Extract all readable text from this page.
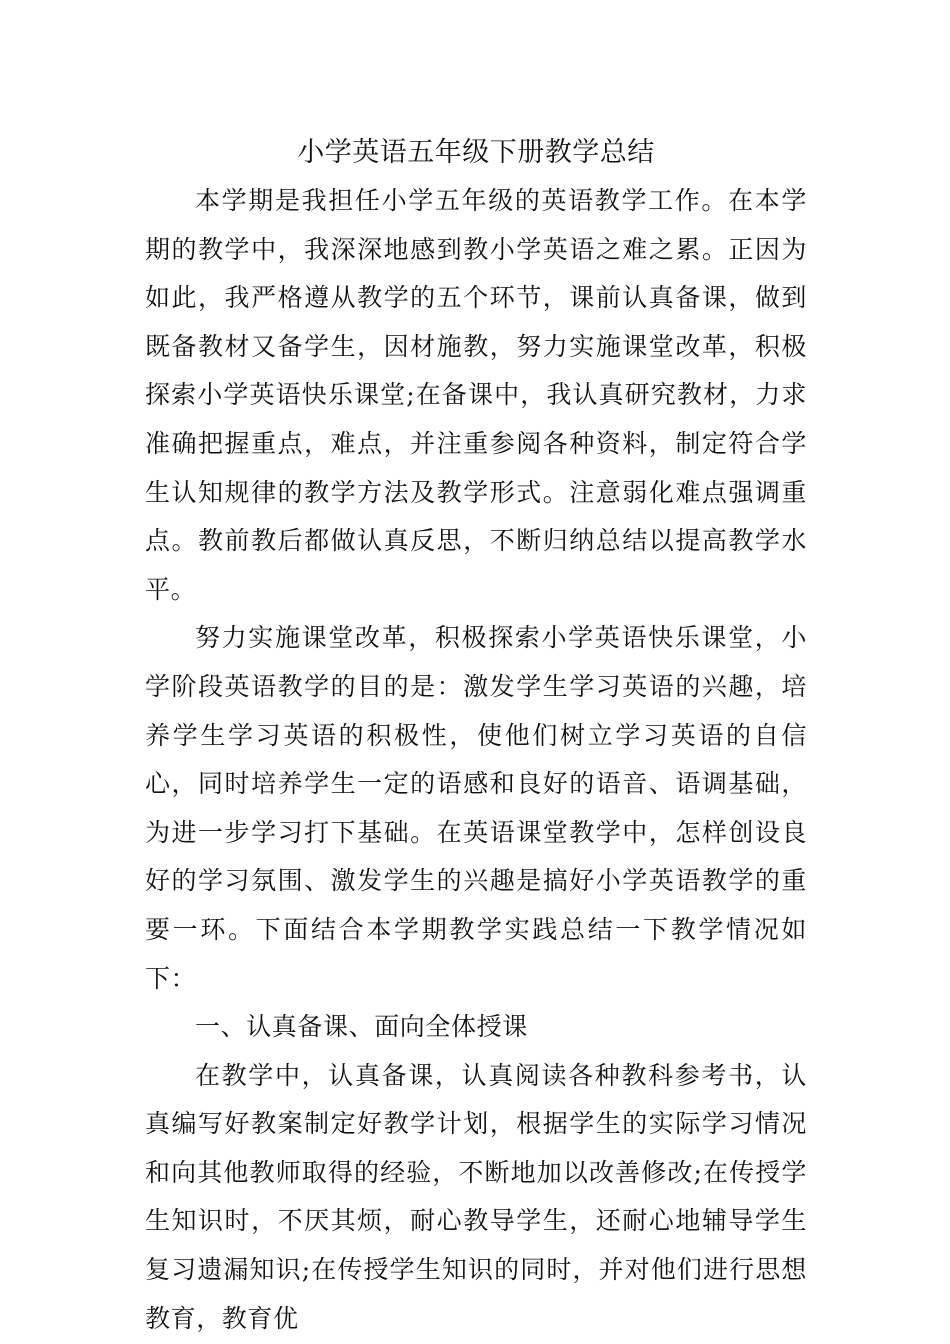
小学英语五年级下册教学总结

本学期是我担任小学五年级的英语教学工作。在本学期的教学中，我深深地感到教小学英语之难之累。正因为如此，我严格遵从教学的五个环节，课前认真备课，做到既备教材又备学生，因材施教，努力实施课堂改革，积极探索小学英语快乐课堂;在备课中，我认真研究教材，力求准确把握重点，难点，并注重参阅各种资料，制定符合学生认知规律的教学方法及教学形式。注意弱化难点强调重点。教前教后都做认真反思，不断归纳总结以提高教学水平。

努力实施课堂改革，积极探索小学英语快乐课堂，小学阶段英语教学的目的是：激发学生学习英语的兴趣，培养学生学习英语的积极性，使他们树立学习英语的自信心，同时培养学生一定的语感和良好的语音、语调基础，为进一步学习打下基础。在英语课堂教学中，怎样创设良好的学习氛围、激发学生的兴趣是搞好小学英语教学的重要一环。下面结合本学期教学实践总结一下教学情况如下：

一、认真备课、面向全体授课

在教学中，认真备课，认真阅读各种教科参考书，认真编写好教案制定好教学计划，根据学生的实际学习情况和向其他教师取得的经验，不断地加以改善修改;在传授学生知识时，不厌其烦，耐心教导学生，还耐心地辅导学生复习遗漏知识;在传授学生知识的同时，并对他们进行思想教育，教育优
